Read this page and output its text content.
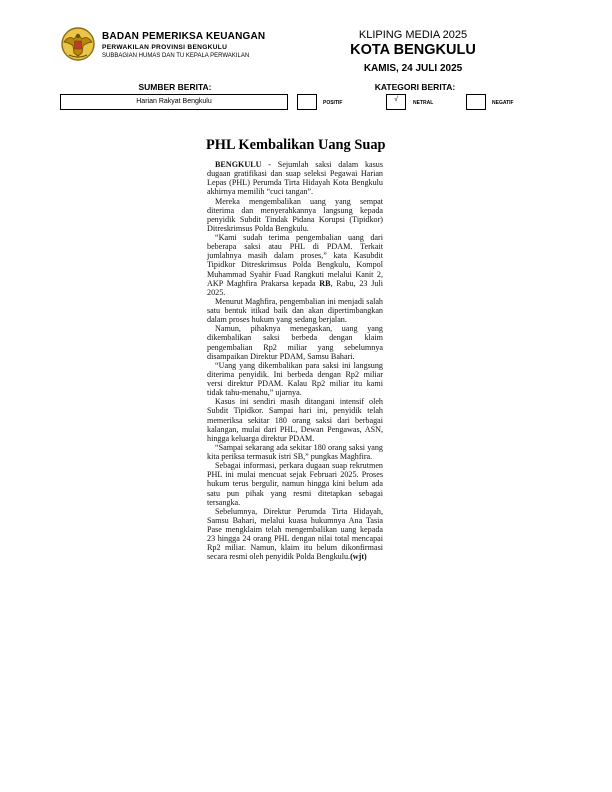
BADAN PEMERIKSA KEUANGAN
PERWAKILAN PROVINSI BENGKULU
SUBBAGIAN HUMAS DAN TU KEPALA PERWAKILAN
KLIPING MEDIA 2025
KOTA BENGKULU
KAMIS, 24 JULI 2025
SUMBER BERITA:	KATEGORI BERITA:
Harian Rakyat Bengkulu	POSITIF	√	NETRAL	NEGATIF
PHL Kembalikan Uang Suap

BENGKULU - Sejumlah saksi dalam kasus dugaan gratifikasi dan suap seleksi Pegawai Harian Lepas (PHL) Perumda Tirta Hidayah Kota Bengkulu akhirnya memilih “cuci tangan”.

Mereka mengembalikan uang yang sempat diterima dan menyerahkannya langsung kepada penyidik Subdit Tindak Pidana Korupsi (Tipidkor) Ditreskrimsus Polda Bengkulu.

“Kami sudah terima pengembalian uang dari beberapa saksi atau PHL di PDAM. Terkait jumlahnya masih dalam proses,” kata Kasubdit Tipidkor Ditreskrimsus Polda Bengkulu, Kompol Muhammad Syahir Fuad Rangkuti melalui Kanit 2, AKP Maghfira Prakarsa kepada RB, Rabu, 23 Juli 2025.

Menurut Maghfira, pengembalian ini menjadi salah satu bentuk itikad baik dan akan dipertimbangkan dalam proses hukum yang sedang berjalan.

Namun, pihaknya menegaskan, uang yang dikembalikan saksi berbeda dengan klaim pengembalian Rp2 miliar yang sebelumnya disampaikan Direktur PDAM, Samsu Bahari.

“Uang yang dikembalikan para saksi ini langsung diterima penyidik. Ini berbeda dengan Rp2 miliar versi direktur PDAM. Kalau Rp2 miliar itu kami tidak tahu-menahu,” ujarnya.

Kasus ini sendiri masih ditangani intensif oleh Subdit Tipidkor. Sampai hari ini, penyidik telah memeriksa sekitar 180 orang saksi dari berbagai kalangan, mulai dari PHL, Dewan Pengawas, ASN, hingga keluarga direktur PDAM.

“Sampai sekarang ada sekitar 180 orang saksi yang kita periksa termasuk istri SB,” pungkas Maghfira.

Sebagai informasi, perkara dugaan suap rekrutmen PHL ini mulai mencuat sejak Februari 2025. Proses hukum terus bergulir, namun hingga kini belum ada satu pun pihak yang resmi ditetapkan sebagai tersangka.

Sebelumnya, Direktur Perumda Tirta Hidayah, Samsu Bahari, melalui kuasa hukumnya Ana Tasia Pase mengklaim telah mengembalikan uang kepada 23 hingga 24 orang PHL dengan nilai total mencapai Rp2 miliar. Namun, klaim itu belum dikonfirmasi secara resmi oleh penyidik Polda Bengkulu.(wjt)
